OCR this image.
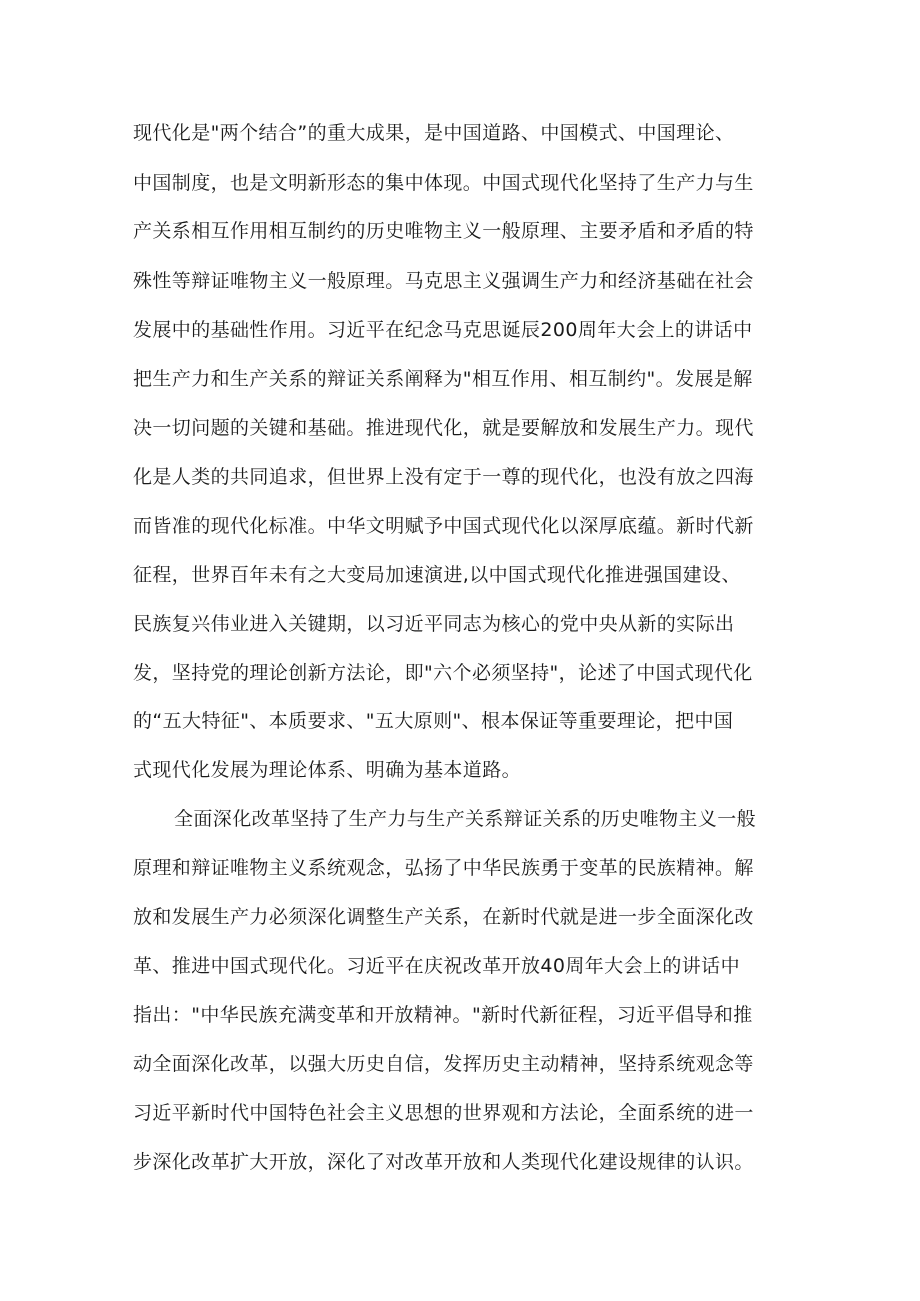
现代化是"两个结合”的重大成果，是中国道路、中国模式、中国理论、
中国制度，也是文明新形态的集中体现。中国式现代化坚持了生产力与生
产关系相互作用相互制约的历史唯物主义一般原理、主要矛盾和矛盾的特
殊性等辩证唯物主义一般原理。马克思主义强调生产力和经济基础在社会
发展中的基础性作用。习近平在纪念马克思诞辰200周年大会上的讲话中
把生产力和生产关系的辩证关系阐释为"相互作用、相互制约"。发展是解
决一切问题的关键和基础。推进现代化，就是要解放和发展生产力。现代
化是人类的共同追求，但世界上没有定于一尊的现代化，也没有放之四海
而皆准的现代化标准。中华文明赋予中国式现代化以深厚底蕴。新时代新
征程，世界百年未有之大变局加速演进,以中国式现代化推进强国建设、
民族复兴伟业进入关键期，以习近平同志为核心的党中央从新的实际出
发，坚持党的理论创新方法论，即"六个必须坚持"，论述了中国式现代化
的“五大特征"、本质要求、"五大原则"、根本保证等重要理论，把中国
式现代化发展为理论体系、明确为基本道路。
全面深化改革坚持了生产力与生产关系辩证关系的历史唯物主义一般
原理和辩证唯物主义系统观念，弘扬了中华民族勇于变革的民族精神。解
放和发展生产力必须深化调整生产关系，在新时代就是进一步全面深化改
革、推进中国式现代化。习近平在庆祝改革开放40周年大会上的讲话中
指出："中华民族充满变革和开放精神。"新时代新征程，习近平倡导和推
动全面深化改革，以强大历史自信，发挥历史主动精神，坚持系统观念等
习近平新时代中国特色社会主义思想的世界观和方法论，全面系统的进一
步深化改革扩大开放，深化了对改革开放和人类现代化建设规律的认识。
